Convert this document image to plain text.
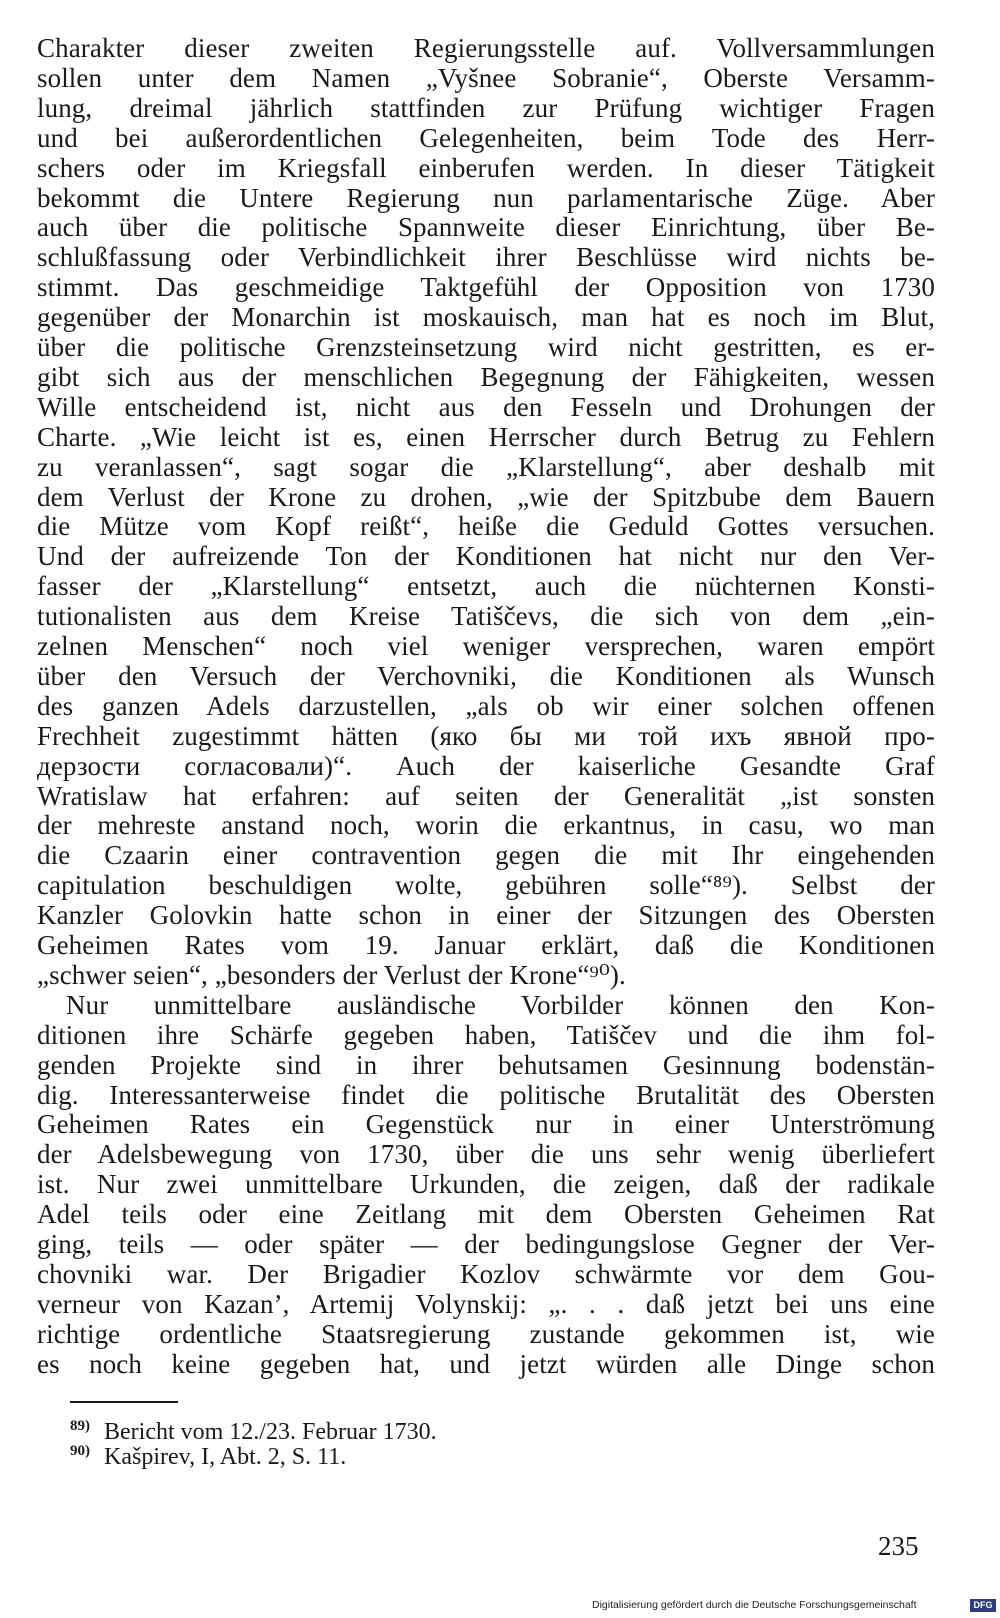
Charakter dieser zweiten Regierungsstelle auf. Vollversammlungen
sollen unter dem Namen „Vyšnee Sobranie“, Oberste Versamm-
lung, dreimal jährlich stattfinden zur Prüfung wichtiger Fragen
und bei außerordentlichen Gelegenheiten, beim Tode des Herr-
schers oder im Kriegsfall einberufen werden. In dieser Tätigkeit
bekommt die Untere Regierung nun parlamentarische Züge. Aber
auch über die politische Spannweite dieser Einrichtung, über Be-
schlußfassung oder Verbindlichkeit ihrer Beschlüsse wird nichts be-
stimmt. Das geschmeidige Taktgefühl der Opposition von 1730
gegenüber der Monarchin ist moskauisch, man hat es noch im Blut,
über die politische Grenzsteinsetzung wird nicht gestritten, es er-
gibt sich aus der menschlichen Begegnung der Fähigkeiten, wessen
Wille entscheidend ist, nicht aus den Fesseln und Drohungen der
Charte. „Wie leicht ist es, einen Herrscher durch Betrug zu Fehlern
zu veranlassen“, sagt sogar die „Klarstellung“, aber deshalb mit
dem Verlust der Krone zu drohen, „wie der Spitzbube dem Bauern
die Mütze vom Kopf reißt“, heiße die Geduld Gottes versuchen.
Und der aufreizende Ton der Konditionen hat nicht nur den Ver-
fasser der „Klarstellung“ entsetzt, auch die nüchternen Konsti-
tutionalisten aus dem Kreise Tatiščevs, die sich von dem „ein-
zelnen Menschen“ noch viel weniger versprechen, waren empört
über den Versuch der Verchovniki, die Konditionen als Wunsch
des ganzen Adels darzustellen, „als ob wir einer solchen offenen
Frechheit zugestimmt hätten (яко бы ми той ихъ явной про-
дерзости согласовали)“. Auch der kaiserliche Gesandte Graf
Wratislaw hat erfahren: auf seiten der Generalität „ist sonsten
der mehreste anstand noch, worin die erkantnus, in casu, wo man
die Czaarin einer contravention gegen die mit Ihr eingehenden
capitulation beschuldigen wolte, gebühren solle“⁸⁹). Selbst der
Kanzler Golovkin hatte schon in einer der Sitzungen des Obersten
Geheimen Rates vom 19. Januar erklärt, daß die Konditionen
„schwer seien“, „besonders der Verlust der Krone“⁹⁰).
Nur unmittelbare ausländische Vorbilder können den Kon-
ditionen ihre Schärfe gegeben haben, Tatiščev und die ihm fol-
genden Projekte sind in ihrer behutsamen Gesinnung bodenstän-
dig. Interessanterweise findet die politische Brutalität des Obersten
Geheimen Rates ein Gegenstück nur in einer Unterströmung
der Adelsbewegung von 1730, über die uns sehr wenig überliefert
ist. Nur zwei unmittelbare Urkunden, die zeigen, daß der radikale
Adel teils oder eine Zeitlang mit dem Obersten Geheimen Rat
ging, teils — oder später — der bedingungslose Gegner der Ver-
chovniki war. Der Brigadier Kozlov schwärmte vor dem Gou-
verneur von Kazan’, Artemij Volynskij: „. . . daß jetzt bei uns eine
richtige ordentliche Staatsregierung zustande gekommen ist, wie
es noch keine gegeben hat, und jetzt würden alle Dinge schon
$^{89)}$ Bericht vom 12./23. Februar 1730.
$^{90)}$ Kašpirev, I, Abt. 2, S. 11.
235
Digitalisierung gefördert durch die Deutsche Forschungsgemeinschaft	DFG
